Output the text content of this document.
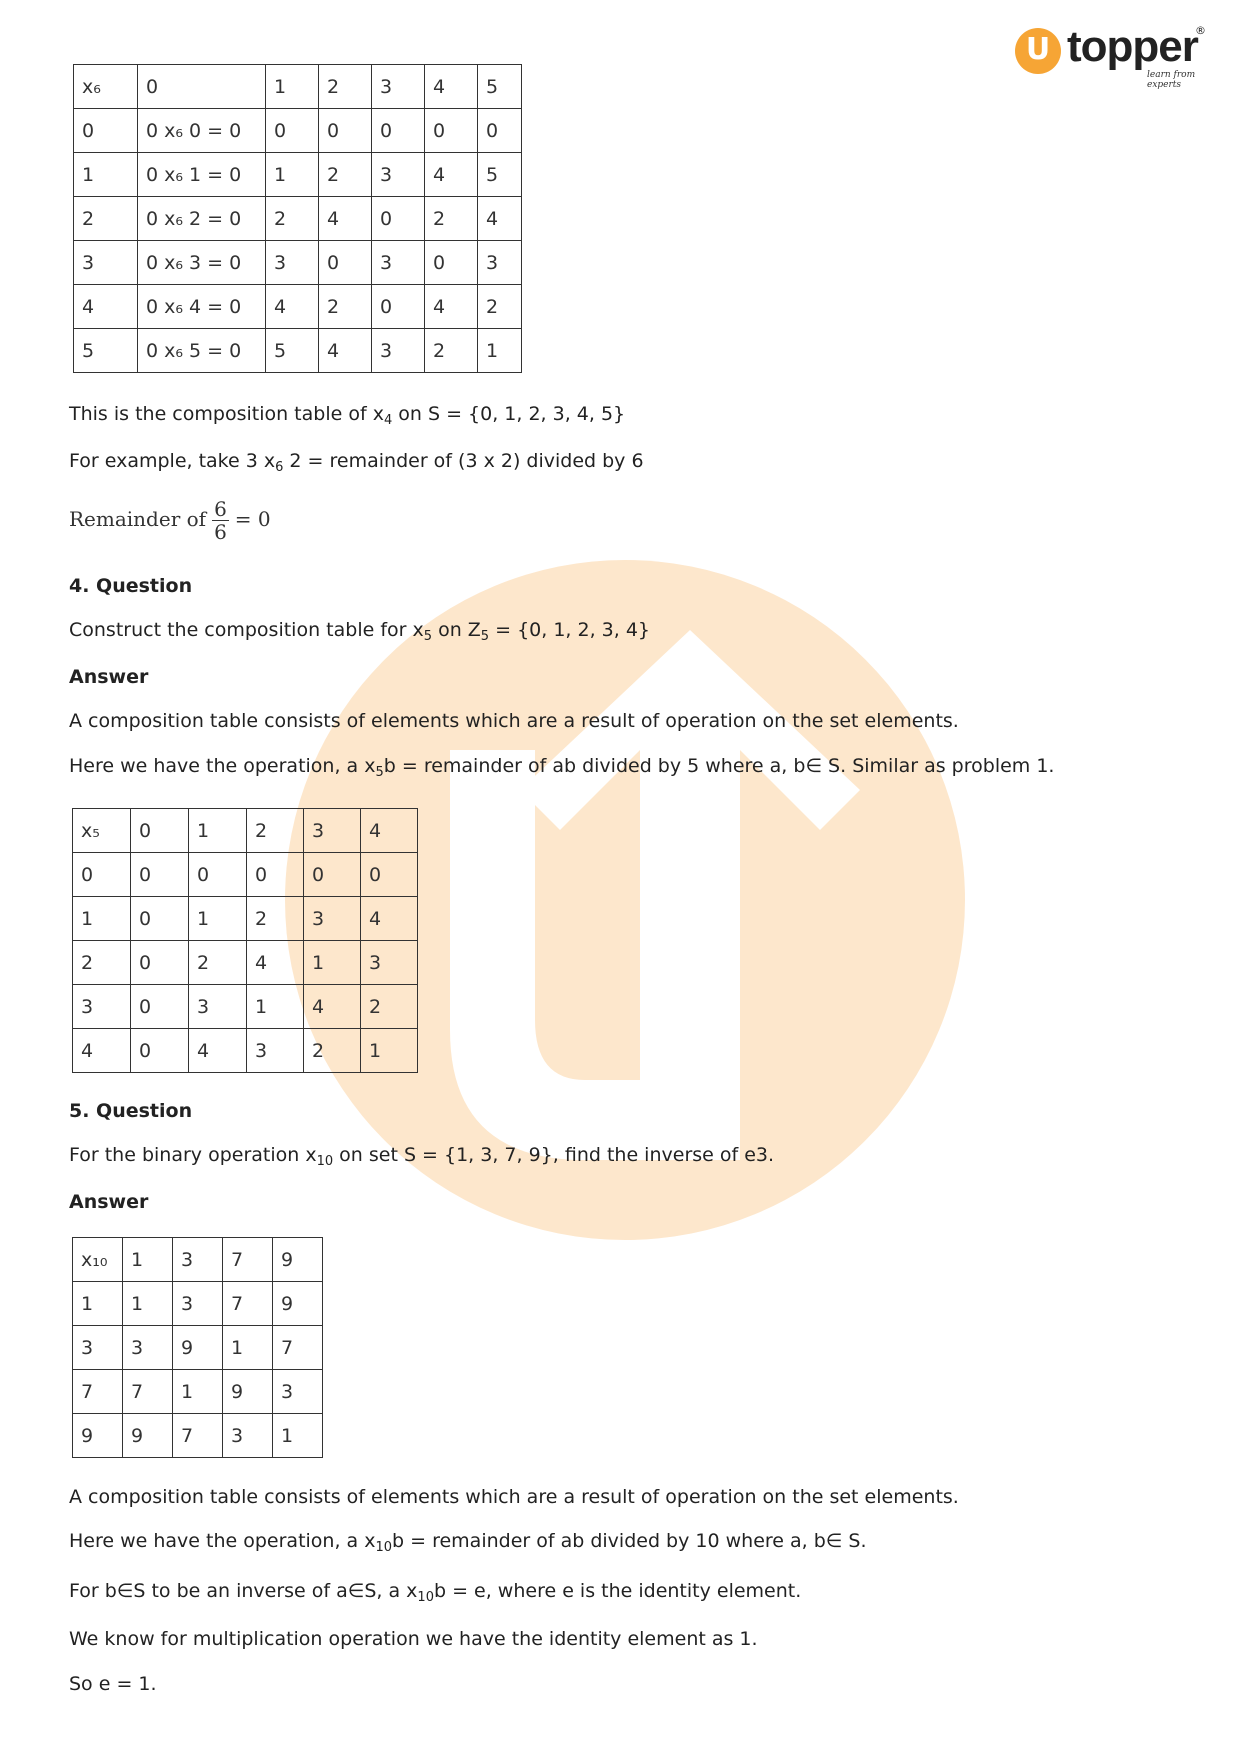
U topper
®
learn from experts
x₆	0	1	2	3	4	5
0	0 x₆ 0 = 0	0	0	0	0	0
1	0 x₆ 1 = 0	1	2	3	4	5
2	0 x₆ 2 = 0	2	4	0	2	4
3	0 x₆ 3 = 0	3	0	3	0	3
4	0 x₆ 4 = 0	4	2	0	4	2
5	0 x₆ 5 = 0	5	4	3	2	1

This is the composition table of $x_4$ on S = {0, 1, 2, 3, 4, 5}

For example, take 3 $x_6$ 2 = remainder of (3 x 2) divided by 6

Remainder of $\frac{6}{6} = 0$

4. Question

Construct the composition table for $x_5$ on $Z_5 = \{0$, 1, 2, 3, 4}

Answer

A composition table consists of elements which are a result of operation on the set elements.

Here we have the operation, a $x_5b$ = remainder of ab divided by 5 where a, b∈ S. Similar as problem 1.

x₅	0	1	2	3	4
0	0	0	0	0	0
1	0	1	2	3	4
2	0	2	4	1	3
3	0	3	1	4	2
4	0	4	3	2	1

5. Question

For the binary operation $x_{10}$ on set S = {1, 3, 7, 9}, find the inverse of e3.

Answer

x₁₀	1	3	7	9
1	1	3	7	9
3	3	9	1	7
7	7	1	9	3
9	9	7	3	1

A composition table consists of elements which are a result of operation on the set elements.

Here we have the operation, a $x_{10}b$ = remainder of ab divided by 10 where a, b∈ S.

For b∈S to be an inverse of a∈S, a $x_{10}b = e$, where e is the identity element.

We know for multiplication operation we have the identity element as 1.

So e = 1.
